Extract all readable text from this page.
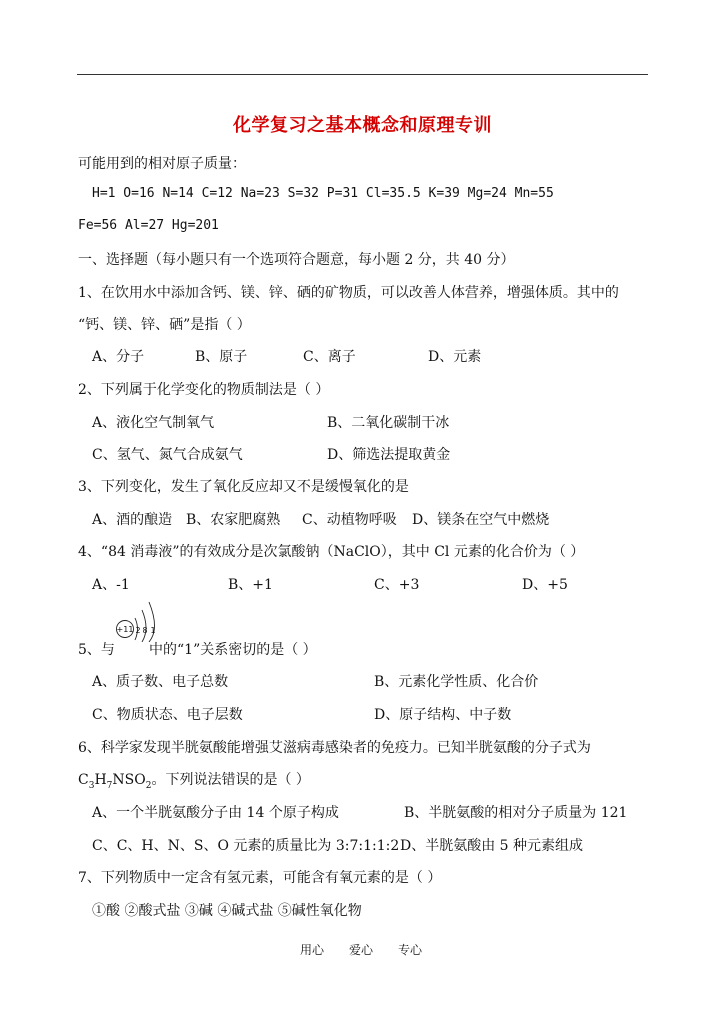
化学复习之基本概念和原理专训
可能用到的相对原子质量：
H=1 O=16 N=14 C=12 Na=23 S=32 P=31 Cl=35.5 K=39 Mg=24 Mn=55
Fe=56 Al=27 Hg=201
一、选择题（每小题只有一个选项符合题意，每小题 2 分，共 40 分）
1、在饮用水中添加含钙、镁、锌、硒的矿物质，可以改善人体营养，增强体质。其中的
“钙、镁、锌、硒”是指（ ）
A、分子	B、原子	C、离子	D、元素
2、下列属于化学变化的物质制法是（ ）
A、液化空气制氧气	B、二氧化碳制干冰
C、氢气、氮气合成氨气	D、筛选法提取黄金
3、下列变化，发生了氧化反应却又不是缓慢氧化的是
A、酒的酿造 B、农家肥腐熟 C、动植物呼吸 D、镁条在空气中燃烧
4、“84 消毒液”的有效成分是次氯酸钠（NaClO），其中 Cl 元素的化合价为（ ）
A、-1	B、+1	C、+3	D、+5
5、与
+11 2 8 1
中的“1”关系密切的是（ ）
A、质子数、电子总数	B、元素化学性质、化合价
C、物质状态、电子层数	D、原子结构、中子数
6、科学家发现半胱氨酸能增强艾滋病毒感染者的免疫力。已知半胱氨酸的分子式为
$C_3H_7NSO_2$。下列说法错误的是（ ）
A、一个半胱氨酸分子由 14 个原子构成	B、半胱氨酸的相对分子质量为 121
C、C、H、N、S、O 元素的质量比为 3:7:1:1:2 D、半胱氨酸由 5 种元素组成
7、下列物质中一定含有氢元素，可能含有氧元素的是（ ）
①酸 ②酸式盐 ③碱 ④碱式盐 ⑤碱性氧化物
用心 爱心 专心
